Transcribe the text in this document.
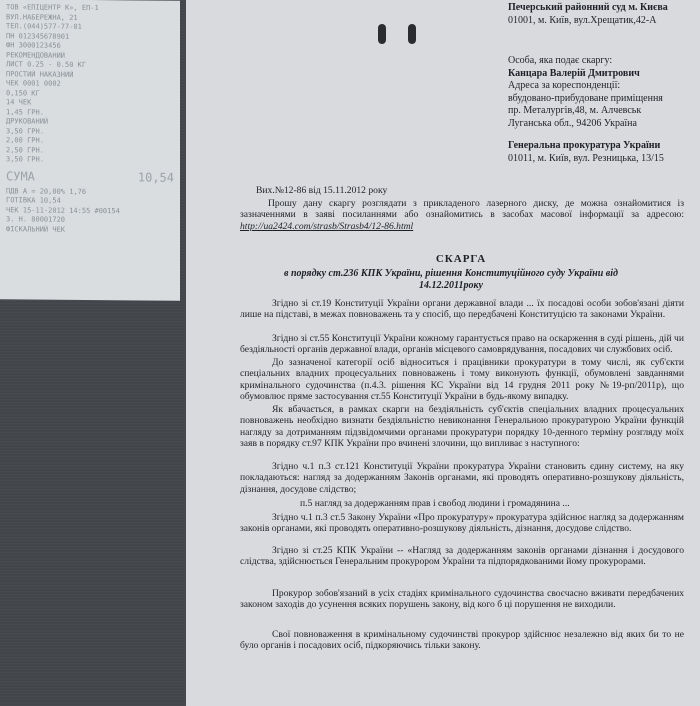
ТОВ «ЕПІЦЕНТР К», ЕП-1
ВУЛ.НАБЕРЕЖНА, 21
ТЕЛ.(044)577-77-01
ПН 012345678901
ФН 3000123456
РЕКОМЕНДОВАНИЙ
ЛИСТ 0.25 - 0.50 КГ
ПРОСТИЙ НАКАЗНИЙ
ЧЕК 0001 0002
0,150 КГ
14 ЧЕК
1,45 ГРН.
ДРУКОВАНИЙ
3,50 ГРН.
2,00 ГРН.
2,50 ГРН.
3,50 ГРН.
СУМА	10,54
ПДВ А = 20,00% 1,76
ГОТІВКА 10,54
ЧЕК 15-11-2012 14:55 #00154
3. Н. 80001720
ФІСКАЛЬНИЙ ЧЕК
Печерський районний суд м. Києва
01001, м. Київ, вул.Хрещатик,42-А
Особа, яка подає скаргу:
Канцара Валерій Дмитрович
Адреса за кореспонденції:
вбудовано-прибудоване приміщення
пр. Металургів,48, м. Алчевськ
Луганська обл., 94206 Україна
Генеральна прокуратура України
01011, м. Київ, вул. Резницька, 13/15
Вих.№12-86 від 15.11.2012 року
Прошу дану скаргу розглядати з прикладеного лазерного диску, де можна ознайомитися із зазначеннями в заяві посиланнями або ознайомитись в засобах масової інформації за адресою: http://ua2424.com/strasb/Strasb4/12-86.html
СКАРГА
в порядку ст.236 КПК України, рішення Конституційного суду України від
14.12.2011року
Згідно зі ст.19 Конституції України органи державної влади ... їх посадові особи зобов'язані діяти лише на підставі, в межах повноважень та у спосіб, що передбачені Конституцією та законами України.
Згідно зі ст.55 Конституції України кожному гарантується право на оскарження в суді рішень, дій чи бездіяльності органів державної влади, органів місцевого самоврядування, посадових чи службових осіб.
До зазначеної категорії осіб відноситься і працівники прокуратури в тому числі, як суб'єкти спеціальних владних процесуальних повноважень і тому виконують функції, обумовлені завданнями кримінального судочинства (п.4.3. рішення КС України від 14 грудня 2011 року №19-рп/2011р), що обумовлює пряме застосування ст.55 Конституції України в будь-якому випадку.
Як вбачається, в рамках скарги на бездіяльність суб'єктів спеціальних владних процесуальних повноважень необхідно визнати бездіяльністю невиконання Генеральною прокуратурою України функцій нагляду за дотриманням підзвідомчими органами прокуратури порядку 10-денного терміну розгляду моїх заяв в порядку ст.97 КПК України про вчинені злочини, що випливає з наступного:
Згідно ч.1 п.3 ст.121 Конституції України прокуратура України становить єдину систему, на яку покладаються: нагляд за додержанням Законів органами, які проводять оперативно-розшукову діяльність, дізнання, досудове слідство;
п.5 нагляд за додержанням прав і свобод людини і громадянина ...
Згідно ч.1 п.3 ст.5 Закону України «Про прокуратуру» прокуратура здійснює нагляд за додержанням законів органами, які проводять оперативно-розшукову діяльність, дізнання, досудове слідство.
Згідно зі ст.25 КПК України -- «Нагляд за додержанням законів органами дізнання і досудового слідства, здійснюється Генеральним прокурором України та підпорядкованими йому прокурорами.
Прокурор зобов'язаний в усіх стадіях кримінального судочинства своєчасно вживати передбачених законом заходів до усунення всяких порушень закону, від кого б ці порушення не виходили.
Свої повноваження в кримінальному судочинстві прокурор здійснює незалежно від яких би то не було органів і посадових осіб, підкоряючись тільки закону.
